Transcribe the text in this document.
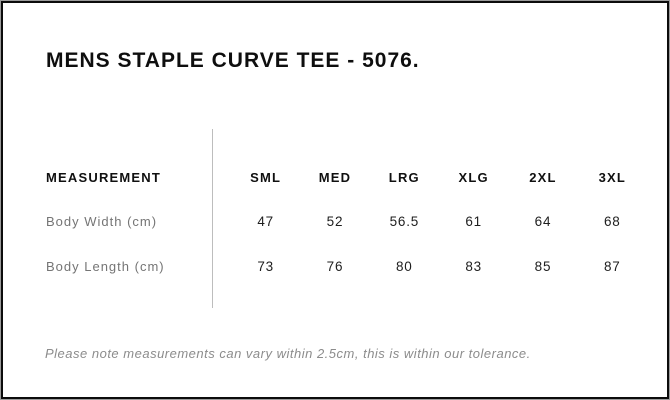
MENS STAPLE CURVE TEE - 5076.
MEASUREMENT	SML	MED	LRG	XLG	2XL	3XL
Body Width (cm)	47	52	56.5	61	64	68
Body Length (cm)	73	76	80	83	85	87

Please note measurements can vary within 2.5cm, this is within our tolerance.
